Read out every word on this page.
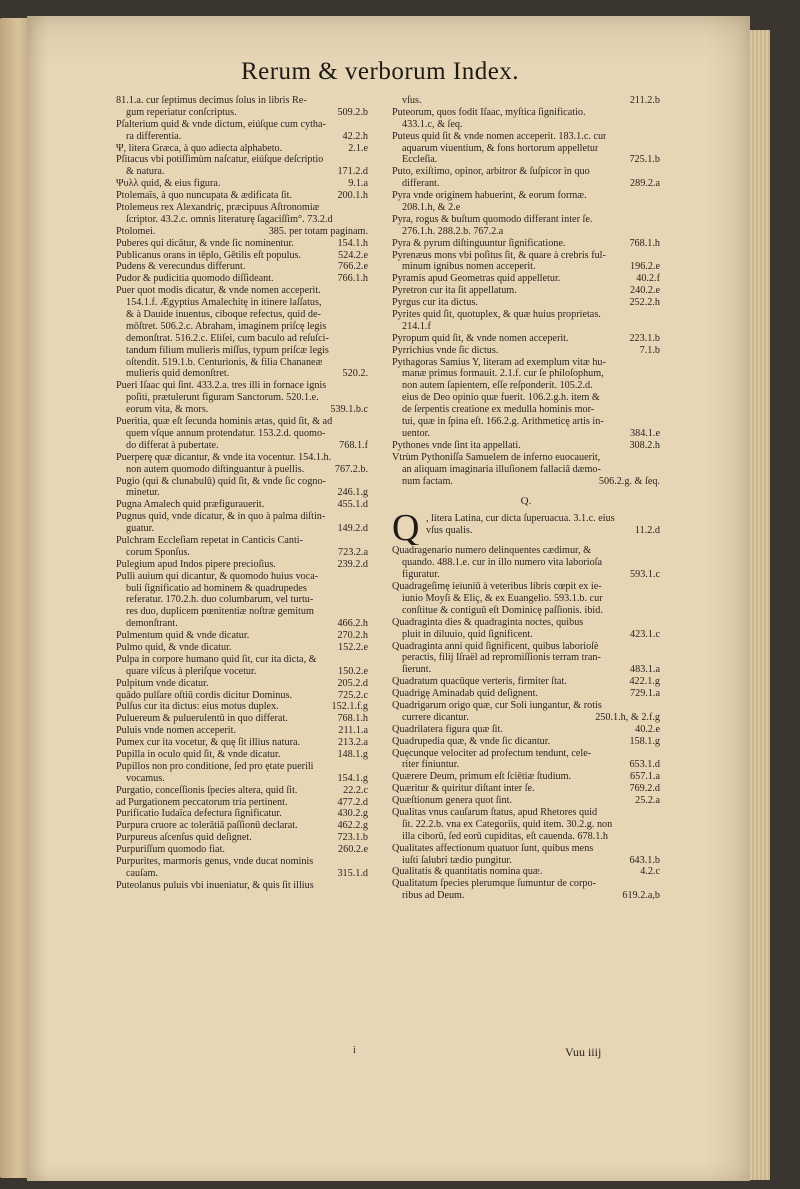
Rerum & verborum Index.
81.1.a. cur ſeptimus decimus ſolus in libris Re-
gum reperiatur conſcriptus.	509.2.b
Pſalterium quid & vnde dictum, eiúſque cum cytha-
ra differentia.	42.2.h
Ψ, litera Græca, à quo adiecta alphabeto.	2.1.e
Pſitacus vbi potiſſimùm naſcatur, eiúſque deſcriptio
& natura.	171.2.d
Ψυλλ quid, & eius figura.	9.1.a
Ptolemaïs, à quo nuncupata & ædificata ſit.	200.1.h
Ptolemeus rex Alexandriç, præcipuus Aſtronomiæ
ſcriptor. 43.2.c. omnis literaturę ſagaciſſim°. 73.2.d
Ptolomei.	385. per totam paginam.
Puberes qui dicātur, & vnde ſic nominentur.	154.1.h
Publicanus orans in tēplo, Gētilis eſt populus.	524.2.e
Pudens & verecundus differunt.	766.2.e
Pudor & pudicitia quomodo diſſideant.	766.1.h
Puer quot modis dicatur, & vnde nomen acceperit.
154.1.f. Ægyptius Amalechitę in itinere laſſatus,
& à Dauide inuentus, ciboque refectus, quid de-
mōſtret. 506.2.c. Abraham, imaginem priſcę legis
demonſtrat. 516.2.c. Eliſei, cum baculo ad reſuſci-
tandum filium mulieris miſſus, typum priſcæ legis
oſtendit. 519.1.b. Centurionis, & filia Chananeæ
mulieris quid demonſtret.	520.2.
Pueri Iſaac qui ſint. 433.2.a. tres illi in fornace ignis
poſiti, prætulerunt figuram Sanctorum. 520.1.e.
eorum vita, & mors.	539.1.b.c
Pueritia, quæ eſt ſecunda hominis ætas, quid ſit, & ad
quem vſque annum protendatur. 153.2.d. quomo-
do differat à pubertate.	768.1.f
Puerperę quæ dicantur, & vnde ita vocentur. 154.1.h.
non autem quomodo diſtinguantur à puellis.	767.2.b.
Pugio (qui & clunabulū) quid ſit, & vnde ſic cogno-
minetur.	246.1.g
Pugna Amalech quid præfigurauerit.	455.1.d
Pugnus quid, vnde dicatur, & in quo à palma diſtin-
guatur.	149.2.d
Pulchram Eccleſiam repetat in Canticis Canti-
corum Sponſus.	723.2.a
Pulegium apud Indos pipere precioſius.	239.2.d
Pulli auium qui dicantur, & quomodo huius voca-
buli ſignificatio ad hominem & quadrupedes
referatur. 170.2.h. duo columbarum, vel turtu-
res duo, duplicem pœnitentiæ noſtræ gemitum
demonſtrant.	466.2.h
Pulmentum quid & vnde dicatur.	270.2.h
Pulmo quid, & vnde dicatur.	152.2.e
Pulpa in corpore humano quid ſit, cur ita dicta, &
quare viſcus à pleriſque vocetur.	150.2.e
Pulpitum vnde dicatur.	205.2.d
quādo pulſare oſtiū cordis dicitur Dominus.	725.2.c
Pulſus cur ita dictus: eius motus duplex.	152.1.f.g
Puluereum & puluerulentū in quo differat.	768.1.h
Puluis vnde nomen acceperit.	211.1.a
Pumex cur ita vocetur, & quę ſit illius natura.	213.2.a
Pupilla in oculo quid ſit, & vnde dicatur.	148.1.g
Pupillos non pro conditione, ſed pro ętate puerili
vocamus.	154.1.g
Purgatio, conceſſionis ſpecies altera, quid ſit.	22.2.c
ad Purgationem peccatorum tria pertinent.	477.2.d
Purificatio Iudaïca defectura ſignificatur.	430.2.g
Purpura cruore ac tolerātiā paſſionū declarat.	462.2.g
Purpureus aſcenſus quid deſignet.	723.1.b
Purpuriſſum quomodo fiat.	260.2.e
Purpurites, marmoris genus, vnde ducat nominis
cauſam.	315.1.d
Puteolanus puluis vbi inueniatur, & quis ſit illius
vſus.	211.2.b
Puteorum, quos fodit Iſaac, myſtica ſignificatio.
433.1.c, & ſeq.
Puteus quid ſit & vnde nomen acceperit. 183.1.c. cur
aquarum viuentium, & fons hortorum appelletur
Eccleſia.	725.1.b
Puto, exiſtimo, opinor, arbitror & ſuſpicor in quo
differant.	289.2.a
Pyra vnde originem habuerint, & eorum formæ.
208.1.h, & 2.e
Pyra, rogus & buſtum quomodo differant inter ſe.
276.1.h. 288.2.b. 767.2.a
Pyra & pyrum diſtinguuntur ſignificatione.	768.1.h
Pyrenæus mons vbi poſitus ſit, & quare à crebris ful-
minum ignibus nomen acceperit.	196.2.e
Pyramis apud Geometras quid appelletur.	40.2.f
Pyretron cur ita ſit appellatum.	240.2.e
Pyrgus cur ita dictus.	252.2.h
Pyrites quid ſit, quotuplex, & quæ huius proprietas.
214.1.f
Pyropum quid ſit, & vnde nomen acceperit.	223.1.b
Pyrrichius vnde ſic dictus.	7.1.b
Pythagoras Samius Y, literam ad exemplum vitæ hu-
manæ primus formauit. 2.1.f. cur ſe philoſophum,
non autem ſapientem, eſſe reſponderit. 105.2.d.
eius de Deo opinio quæ fuerit. 106.2.g.h. item &
de ſerpentis creatione ex medulla hominis mor-
tui, quæ in ſpina eſt. 166.2.g. Arithmeticę artis in-
uentor.	384.1.e
Pythones vnde ſint ita appellati.	308.2.h
Vtrùm Pythoniſſa Samuelem de inferno euocauerit,
an aliquam imaginaria illuſionem fallaciâ dæmo-
num factam.	506.2.g. & ſeq.
Q.
Q , litera Latina, cur dicta ſuperuacua. 3.1.c. eius
vſus qualis.	11.2.d
Quadragenario numero delinquentes cædimur, &
quando. 488.1.e. cur in illo numero vita laborioſa
figuratur.	593.1.c
Quadrageſimę ieiuniū à veteribus libris cœpit ex ie-
iunio Moyſi & Eliç, & ex Euangelio. 593.1.b. cur
conſtitue & contiguū eſt Dominicę paſſionis. ibid.
Quadraginta dies & quadraginta noctes, quibus
pluit in diluuio, quid ſignificent.	423.1.c
Quadraginta anni quid ſignificent, quibus laborioſè
peractis, filij Iſraël ad repromiſſionis terram tran-
ſierunt.	483.1.a
Quadratum quacūque verteris, firmiter ſtat.	422.1.g
Quadrigę Aminadab quid deſignent.	729.1.a
Quadrigarum origo quæ, cur Soli iungantur, & rotis
currere dicantur.	250.1.h, & 2.f.g
Quadrilatera figura quæ ſit.	40.2.e
Quadrupedia quæ, & vnde ſic dicantur.	158.1.g
Quęcunque velociter ad profectum tendunt, cele-
riter finiuntur.	653.1.d
Quærere Deum, primum eſt ſciētiæ ſtudium.	657.1.a
Quæritur & quiritur diſtant inter ſe.	769.2.d
Quæſtionum genera quot ſint.	25.2.a
Qualitas vnus cauſarum ſtatus, apud Rhetores quid
ſit. 22.2.b. vna ex Categoriis, quid item. 30.2.g. non
illa ciborū, ſed eorū cupiditas, eſt cauenda. 678.1.h
Qualitates affectionum quatuor ſunt, quibus mens
iuſti ſalubri tædio pungitur.	643.1.b
Qualitatis & quantitatis nomina quæ.	4.2.c
Qualitatum ſpecies plerumque ſumuntur de corpo-
ribus ad Deum.	619.2.a,b
i	Vuu iiij
